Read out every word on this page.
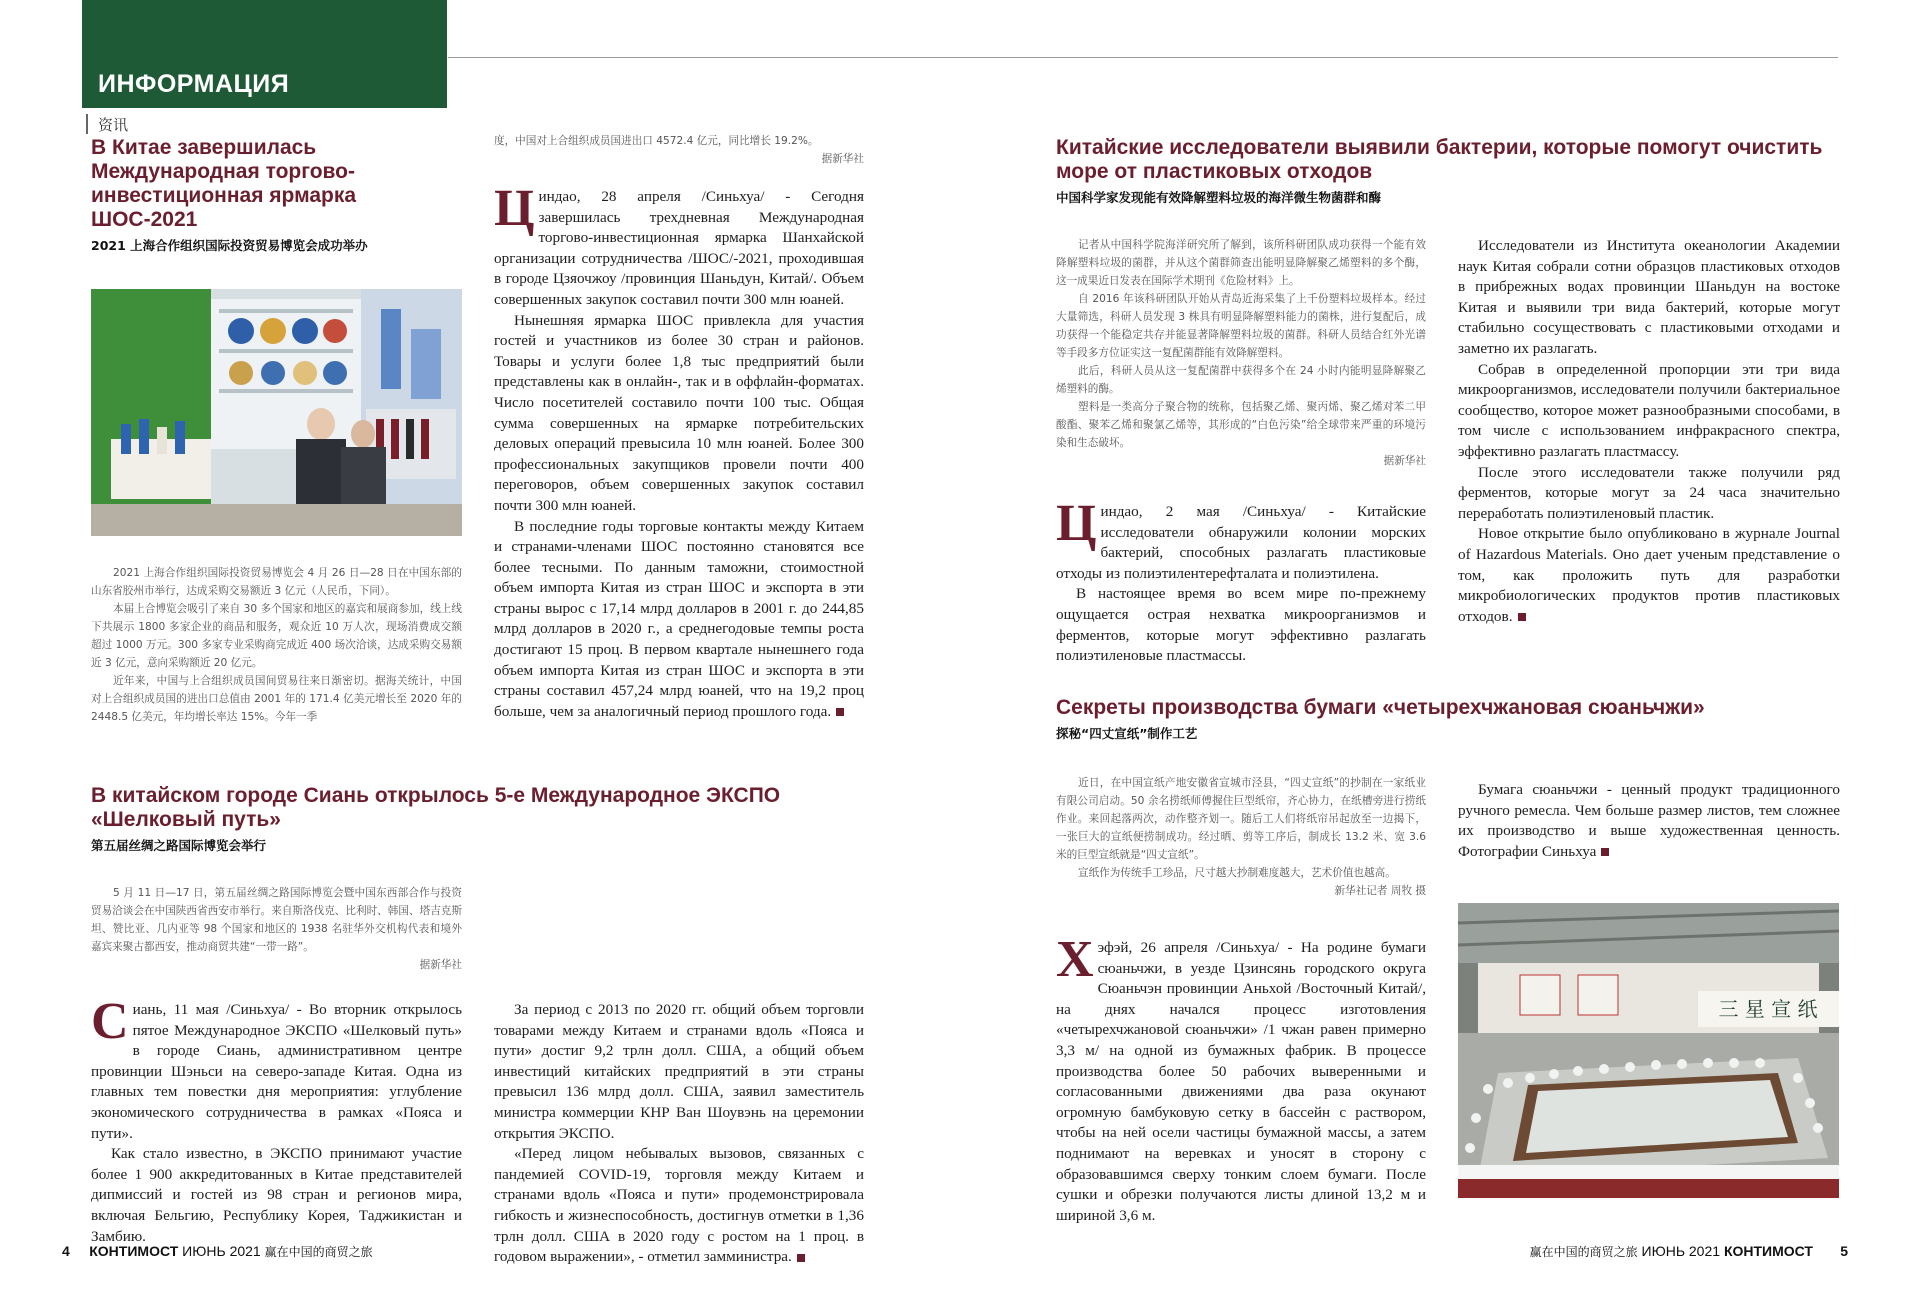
ИНФОРМАЦИЯ
资讯
В Китае завершилась Международная торгово-инвестиционная ярмарка ШОС-2021
2021 上海合作组织国际投资贸易博览会成功举办

2021 上海合作组织国际投资贸易博览会 4 月 26 日—28 日在中国东部的山东省胶州市举行，达成采购交易额近 3 亿元（人民币，下同）。

本届上合博览会吸引了来自 30 多个国家和地区的嘉宾和展商参加，线上线下共展示 1800 多家企业的商品和服务，观众近 10 万人次，现场消费成交额超过 1000 万元。300 多家专业采购商完成近 400 场次洽谈，达成采购交易额近 3 亿元，意向采购额近 20 亿元。

近年来，中国与上合组织成员国间贸易往来日渐密切。据海关统计，中国对上合组织成员国的进出口总值由 2001 年的 171.4 亿美元增长至 2020 年的 2448.5 亿美元，年均增长率达 15%。今年一季

度，中国对上合组织成员国进出口 4572.4 亿元，同比增长 19.2%。
据新华社

Циндао, 28 апреля /Синьхуа/ - Сегодня завершилась трехдневная Международная торгово-инвестиционная ярмарка Шанхайской организации сотрудничества /ШОС/-2021, проходившая в городе Цзяочжоу /провинция Шаньдун, Китай/. Объем совершенных закупок составил почти 300 млн юаней.

Нынешняя ярмарка ШОС привлекла для участия гостей и участников из более 30 стран и районов. Товары и услуги более 1,8 тыс предприятий были представлены как в онлайн-, так и в оффлайн-форматах. Число посетителей составило почти 100 тыс. Общая сумма совершенных на ярмарке потребительских деловых операций превысила 10 млн юаней. Более 300 профессиональных закупщиков провели почти 400 переговоров, объем совершенных закупок составил почти 300 млн юаней.

В последние годы торговые контакты между Китаем и странами-членами ШОС постоянно становятся все более тесными. По данным таможни, стоимостной объем импорта Китая из стран ШОС и экспорта в эти страны вырос с 17,14 млрд долларов в 2001 г. до 244,85 млрд долларов в 2020 г., а среднегодовые темпы роста достигают 15 проц. В первом квартале нынешнего года объем импорта Китая из стран ШОС и экспорта в эти страны составил 457,24 млрд юаней, что на 19,2 проц больше, чем за аналогичный период прошлого года.

В китайском городе Сиань открылось 5-е Международное ЭКСПО «Шелковый путь»
第五届丝绸之路国际博览会举行

5 月 11 日—17 日，第五届丝绸之路国际博览会暨中国东西部合作与投资贸易洽谈会在中国陕西省西安市举行。来自斯洛伐克、比利时、韩国、塔吉克斯坦、赞比亚、几内亚等 98 个国家和地区的 1938 名驻华外交机构代表和境外嘉宾来聚古都西安，推动商贸共建“一带一路”。

据新华社

Сиань, 11 мая /Синьхуа/ - Во вторник открылось пятое Международное ЭКСПО «Шелковый путь» в городе Сиань, административном центре провинции Шэньси на северо-западе Китая. Одна из главных тем повестки дня мероприятия: углубление экономического сотрудничества в рамках «Пояса и пути».

Как стало известно, в ЭКСПО принимают участие более 1 900 аккредитованных в Китае представителей дипмиссий и гостей из 98 стран и регионов мира, включая Бельгию, Республику Корея, Таджикистан и Замбию.

За период с 2013 по 2020 гг. общий объем торговли товарами между Китаем и странами вдоль «Пояса и пути» достиг 9,2 трлн долл. США, а общий объем инвестиций китайских предприятий в эти страны превысил 136 млрд долл. США, заявил заместитель министра коммерции КНР Ван Шоувэнь на церемонии открытия ЭКСПО.

«Перед лицом небывалых вызовов, связанных с пандемией COVID-19, торговля между Китаем и странами вдоль «Пояса и пути» продемонстрировала гибкость и жизнеспособность, достигнув отметки в 1,36 трлн долл. США в 2020 году с ростом на 1 проц. в годовом выражении», - отметил замминистра.

Китайские исследователи выявили бактерии, которые помогут очистить море от пластиковых отходов
中国科学家发现能有效降解塑料垃圾的海洋微生物菌群和酶

记者从中国科学院海洋研究所了解到，该所科研团队成功获得一个能有效降解塑料垃圾的菌群，并从这个菌群筛查出能明显降解聚乙烯塑料的多个酶，这一成果近日发表在国际学术期刊《危险材料》上。

自 2016 年该科研团队开始从青岛近海采集了上千份塑料垃圾样本。经过大量筛选，科研人员发现 3 株具有明显降解塑料能力的菌株，进行复配后，成功获得一个能稳定共存并能显著降解塑料垃圾的菌群。科研人员结合红外光谱等手段多方位证实这一复配菌群能有效降解塑料。

此后，科研人员从这一复配菌群中获得多个在 24 小时内能明显降解聚乙烯塑料的酶。

塑料是一类高分子聚合物的统称，包括聚乙烯、聚丙烯、聚乙烯对苯二甲酸酯、聚苯乙烯和聚氯乙烯等，其形成的“白色污染”给全球带来严重的环境污染和生态破坏。

据新华社

Циндао, 2 мая /Синьхуа/ - Китайские исследователи обнаружили колонии морских бактерий, способных разлагать пластиковые отходы из полиэтилентерефталата и полиэтилена.

В настоящее время во всем мире по-прежнему ощущается острая нехватка микроорганизмов и ферментов, которые могут эффективно разлагать полиэтиленовые пластмассы.

Исследователи из Института океанологии Академии наук Китая собрали сотни образцов пластиковых отходов в прибрежных водах провинции Шаньдун на востоке Китая и выявили три вида бактерий, которые могут стабильно сосуществовать с пластиковыми отходами и заметно их разлагать.

Собрав в определенной пропорции эти три вида микроорганизмов, исследователи получили бактериальное сообщество, которое может разнообразными способами, в том числе с использованием инфракрасного спектра, эффективно разлагать пластмассу.

После этого исследователи также получили ряд ферментов, которые могут за 24 часа значительно переработать полиэтиленовый пластик.

Новое открытие было опубликовано в журнале Journal of Hazardous Materials. Оно дает ученым представление о том, как проложить путь для разработки микробиологических продуктов против пластиковых отходов.

Секреты производства бумаги «четырехчжановая сюаньчжи»
探秘“四丈宣纸”制作工艺

近日，在中国宣纸产地安徽省宣城市泾县，“四丈宣纸”的抄制在一家纸业有限公司启动。50 余名捞纸师傅握住巨型纸帘，齐心协力，在纸槽旁进行捞纸作业。来回起落两次，动作整齐划一。随后工人们将纸帘吊起放至一边揭下，一张巨大的宣纸便捞制成功。经过晒、剪等工序后，制成长 13.2 米、宽 3.6 米的巨型宣纸就是“四丈宣纸”。

宣纸作为传统手工珍品，尺寸越大抄制难度越大，艺术价值也越高。

新华社记者 周牧 摄

Хэфэй, 26 апреля /Синьхуа/ - На родине бумаги сюаньчжи, в уезде Цзинсянь городского округа Сюаньчэн провинции Аньхой /Восточный Китай/, на днях начался процесс изготовления «четырехчжановой сюаньчжи» /1 чжан равен примерно 3,3 м/ на одной из бумажных фабрик. В процессе производства более 50 рабочих выверенными и согласованными движениями два раза окунают огромную бамбуковую сетку в бассейн с раствором, чтобы на ней осели частицы бумажной массы, а затем поднимают на веревках и уносят в сторону с образовавшимся сверху тонким слоем бумаги. После сушки и обрезки получаются листы длиной 13,2 м и шириной 3,6 м.

Бумага сюаньчжи - ценный продукт традиционного ручного ремесла. Чем больше размер листов, тем сложнее их производство и выше художественная ценность. Фотографии Синьхуа

三 星 宣 纸
4 КОНТИМОСТ ИЮНЬ 2021 赢在中国的商贸之旅	赢在中国的商贸之旅 ИЮНЬ 2021 КОНТИМОСТ 5
